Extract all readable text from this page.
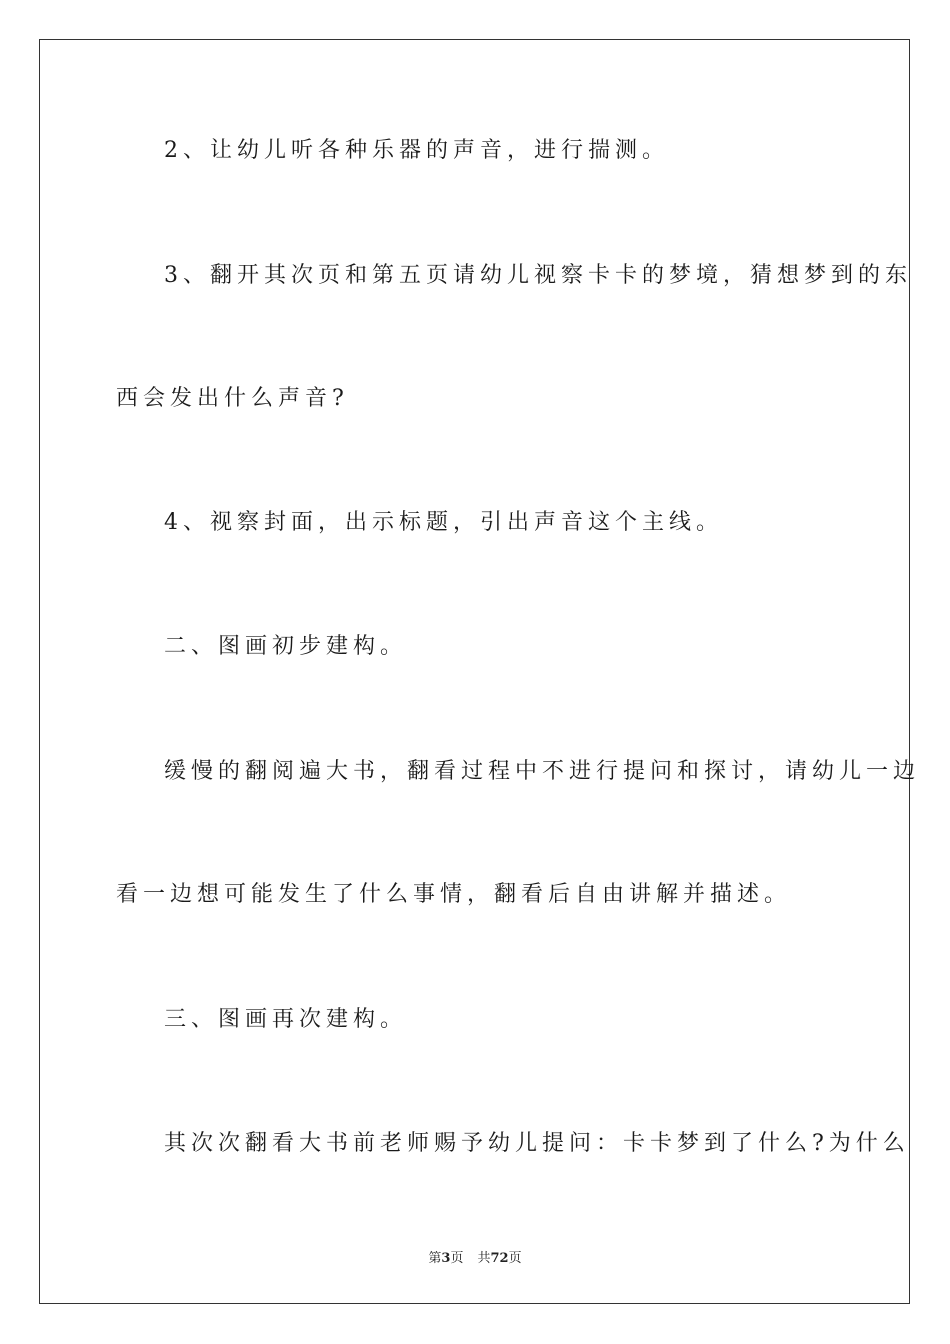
2、让幼儿听各种乐器的声音，进行揣测。

3、翻开其次页和第五页请幼儿视察卡卡的梦境，猜想梦到的东

西会发出什么声音?

4、视察封面，出示标题，引出声音这个主线。

二、图画初步建构。

缓慢的翻阅遍大书，翻看过程中不进行提问和探讨，请幼儿一边

看一边想可能发生了什么事情，翻看后自由讲解并描述。

三、图画再次建构。

其次次翻看大书前老师赐予幼儿提问：卡卡梦到了什么?为什么

第3页 共72页
